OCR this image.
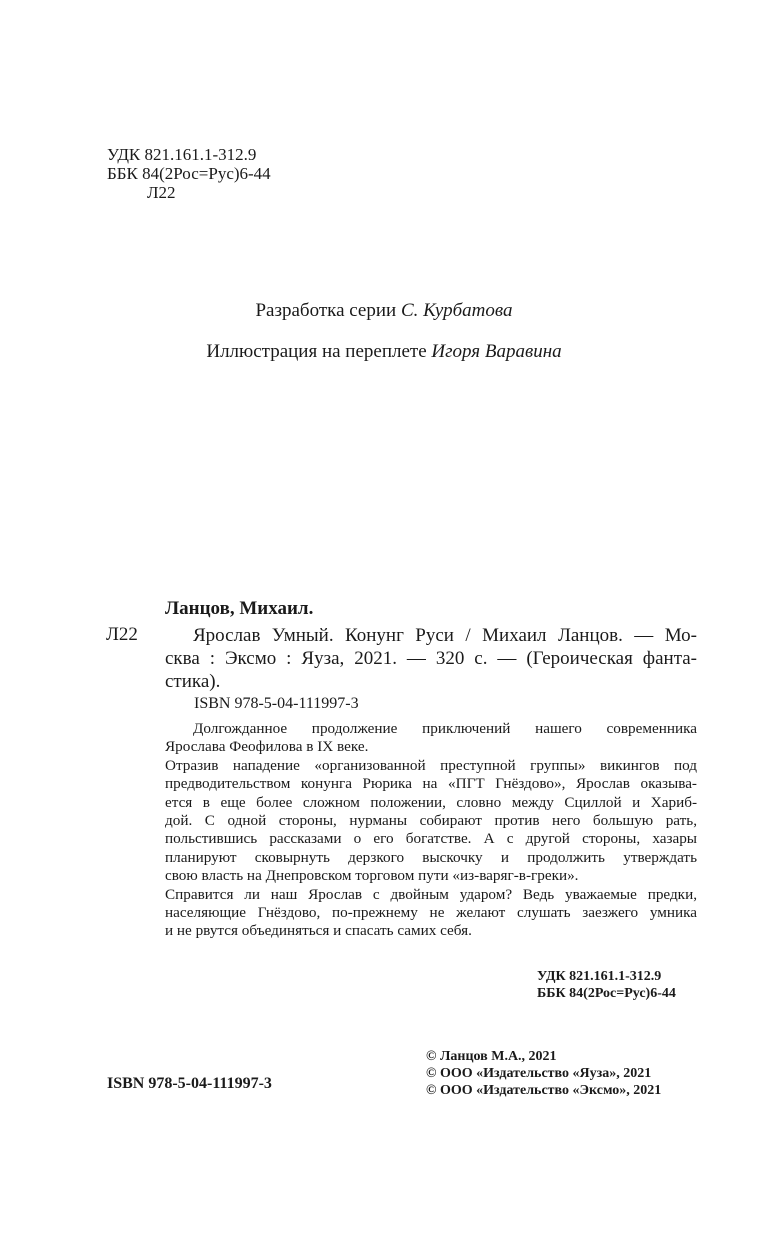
УДК 821.161.1-312.9
ББК 84(2Рос=Рус)6-44
Л22
Разработка серии С. Курбатова
Иллюстрация на переплете Игоря Варавина
Ланцов, Михаил.
Л22	Ярослав Умный. Конунг Руси / Михаил Ланцов. — Мо-
сква : Эксмо : Яуза, 2021. — 320 с. — (Героическая фанта-
стика).
ISBN 978-5-04-111997-3
Долгожданное продолжение приключений нашего современника
Ярослава Феофилова в IX веке.
Отразив нападение «организованной преступной группы» викингов под
предводительством конунга Рюрика на «ПГТ Гнёздово», Ярослав оказыва-
ется в еще более сложном положении, словно между Сциллой и Хариб-
дой. С одной стороны, нурманы собирают против него большую рать,
польстившись рассказами о его богатстве. А с другой стороны, хазары
планируют сковырнуть дерзкого выскочку и продолжить утверждать
свою власть на Днепровском торговом пути «из-варяг-в-греки».
Справится ли наш Ярослав с двойным ударом? Ведь уважаемые предки,
населяющие Гнёздово, по-прежнему не желают слушать заезжего умника
и не рвутся объединяться и спасать самих себя.
УДК 821.161.1-312.9
ББК 84(2Рос=Рус)6-44
© Ланцов М.А., 2021
© ООО «Издательство «Яуза», 2021
© ООО «Издательство «Эксмо», 2021
ISBN 978-5-04-111997-3
